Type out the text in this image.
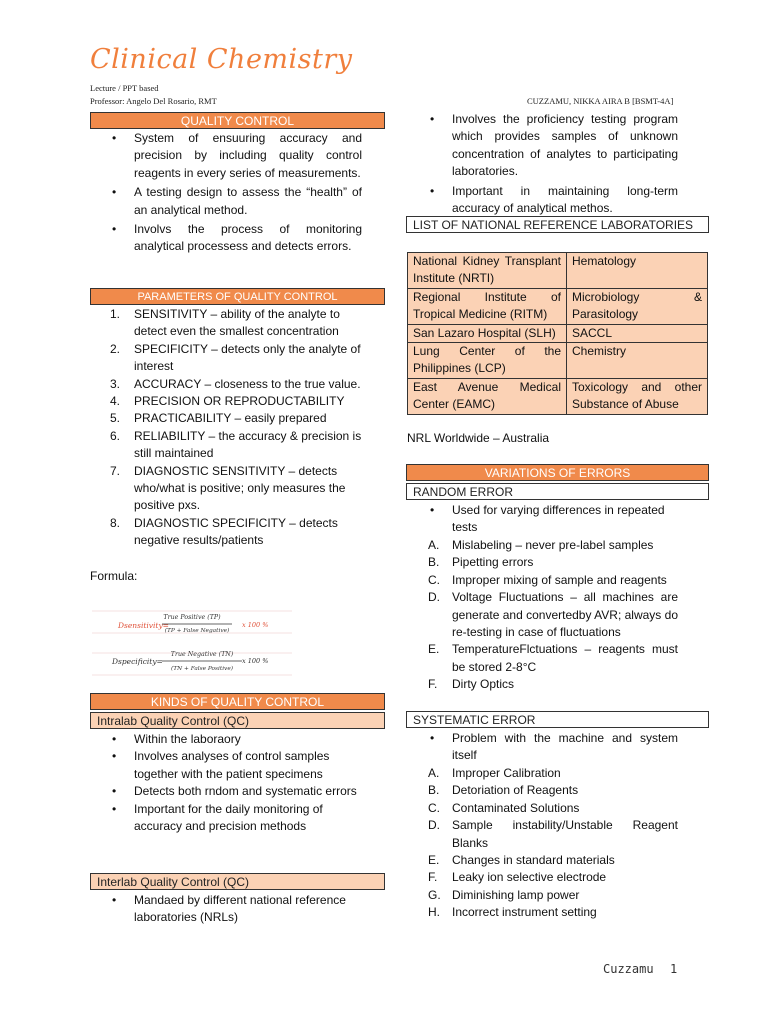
Clinical Chemistry
Lecture / PPT based
Professor: Angelo Del Rosario, RMT	CUZZAMU, NIKKA AIRA B [BSMT-4A]
QUALITY CONTROL
•	System of ensuuring accuracy and precision by including quality control reagents in every series of measurements.
•	A testing design to assess the “health” of an analytical method.
•	Involvs the process of monitoring analytical processess and detects errors.
PARAMETERS OF QUALITY CONTROL
1.	SENSITIVITY – ability of the analyte to detect even the smallest concentration
2.	SPECIFICITY – detects only the analyte of interest
3.	ACCURACY – closeness to the true value.
4.	PRECISION OR REPRODUCTABILITY
5.	PRACTICABILITY – easily prepared
6.	RELIABILITY – the accuracy & precision is still maintained
7.	DIAGNOSTIC SENSITIVITY – detects who/what is positive; only measures the positive pxs.
8.	DIAGNOSTIC SPECIFICITY – detects negative results/patients
Formula:
Dsensitivity=
True Positive (TP)
(TP + False Negative)
x 100 %
Dspecificity=
True Negative (TN)
(TN + False Positive)
x 100 %
KINDS OF QUALITY CONTROL
Intralab Quality Control (QC)
•	Within the laboraory
•	Involves analyses of control samples together with the patient specimens
•	Detects both rndom and systematic errors
•	Important for the daily monitoring of accuracy and precision methods
Interlab Quality Control (QC)
•	Mandaed by different national reference laboratories (NRLs)
•	Involves the proficiency testing program which provides samples of unknown concentration of analytes to participating laboratories.
•	Important in maintaining long-term accuracy of analytical methos.
LIST OF NATIONAL REFERENCE LABORATORIES
National Kidney Transplant Institute (NRTI)	Hematology
Regional Institute of Tropical Medicine (RITM)	Microbiology & Parasitology
San Lazaro Hospital (SLH)	SACCL
Lung Center of the Philippines (LCP)	Chemistry
East Avenue Medical Center (EAMC)	Toxicology and other Substance of Abuse
NRL Worldwide – Australia
VARIATIONS OF ERRORS
RANDOM ERROR
•	Used for varying differences in repeated tests
A.	Mislabeling – never pre-label samples
B.	Pipetting errors
C.	Improper mixing of sample and reagents
D.	Voltage Fluctuations – all machines are generate and convertedby AVR; always do re-testing in case of fluctuations
E.	TemperatureFlctuations – reagents must be stored 2-8°C
F.	Dirty Optics
SYSTEMATIC ERROR
•	Problem with the machine and system itself
A.	Improper Calibration
B.	Detoriation of Reagents
C.	Contaminated Solutions
D.	Sample instability/Unstable Reagent Blanks
E.	Changes in standard materials
F.	Leaky ion selective electrode
G. Diminishing lamp power
H.	Incorrect instrument setting
Cuzzamu 1
